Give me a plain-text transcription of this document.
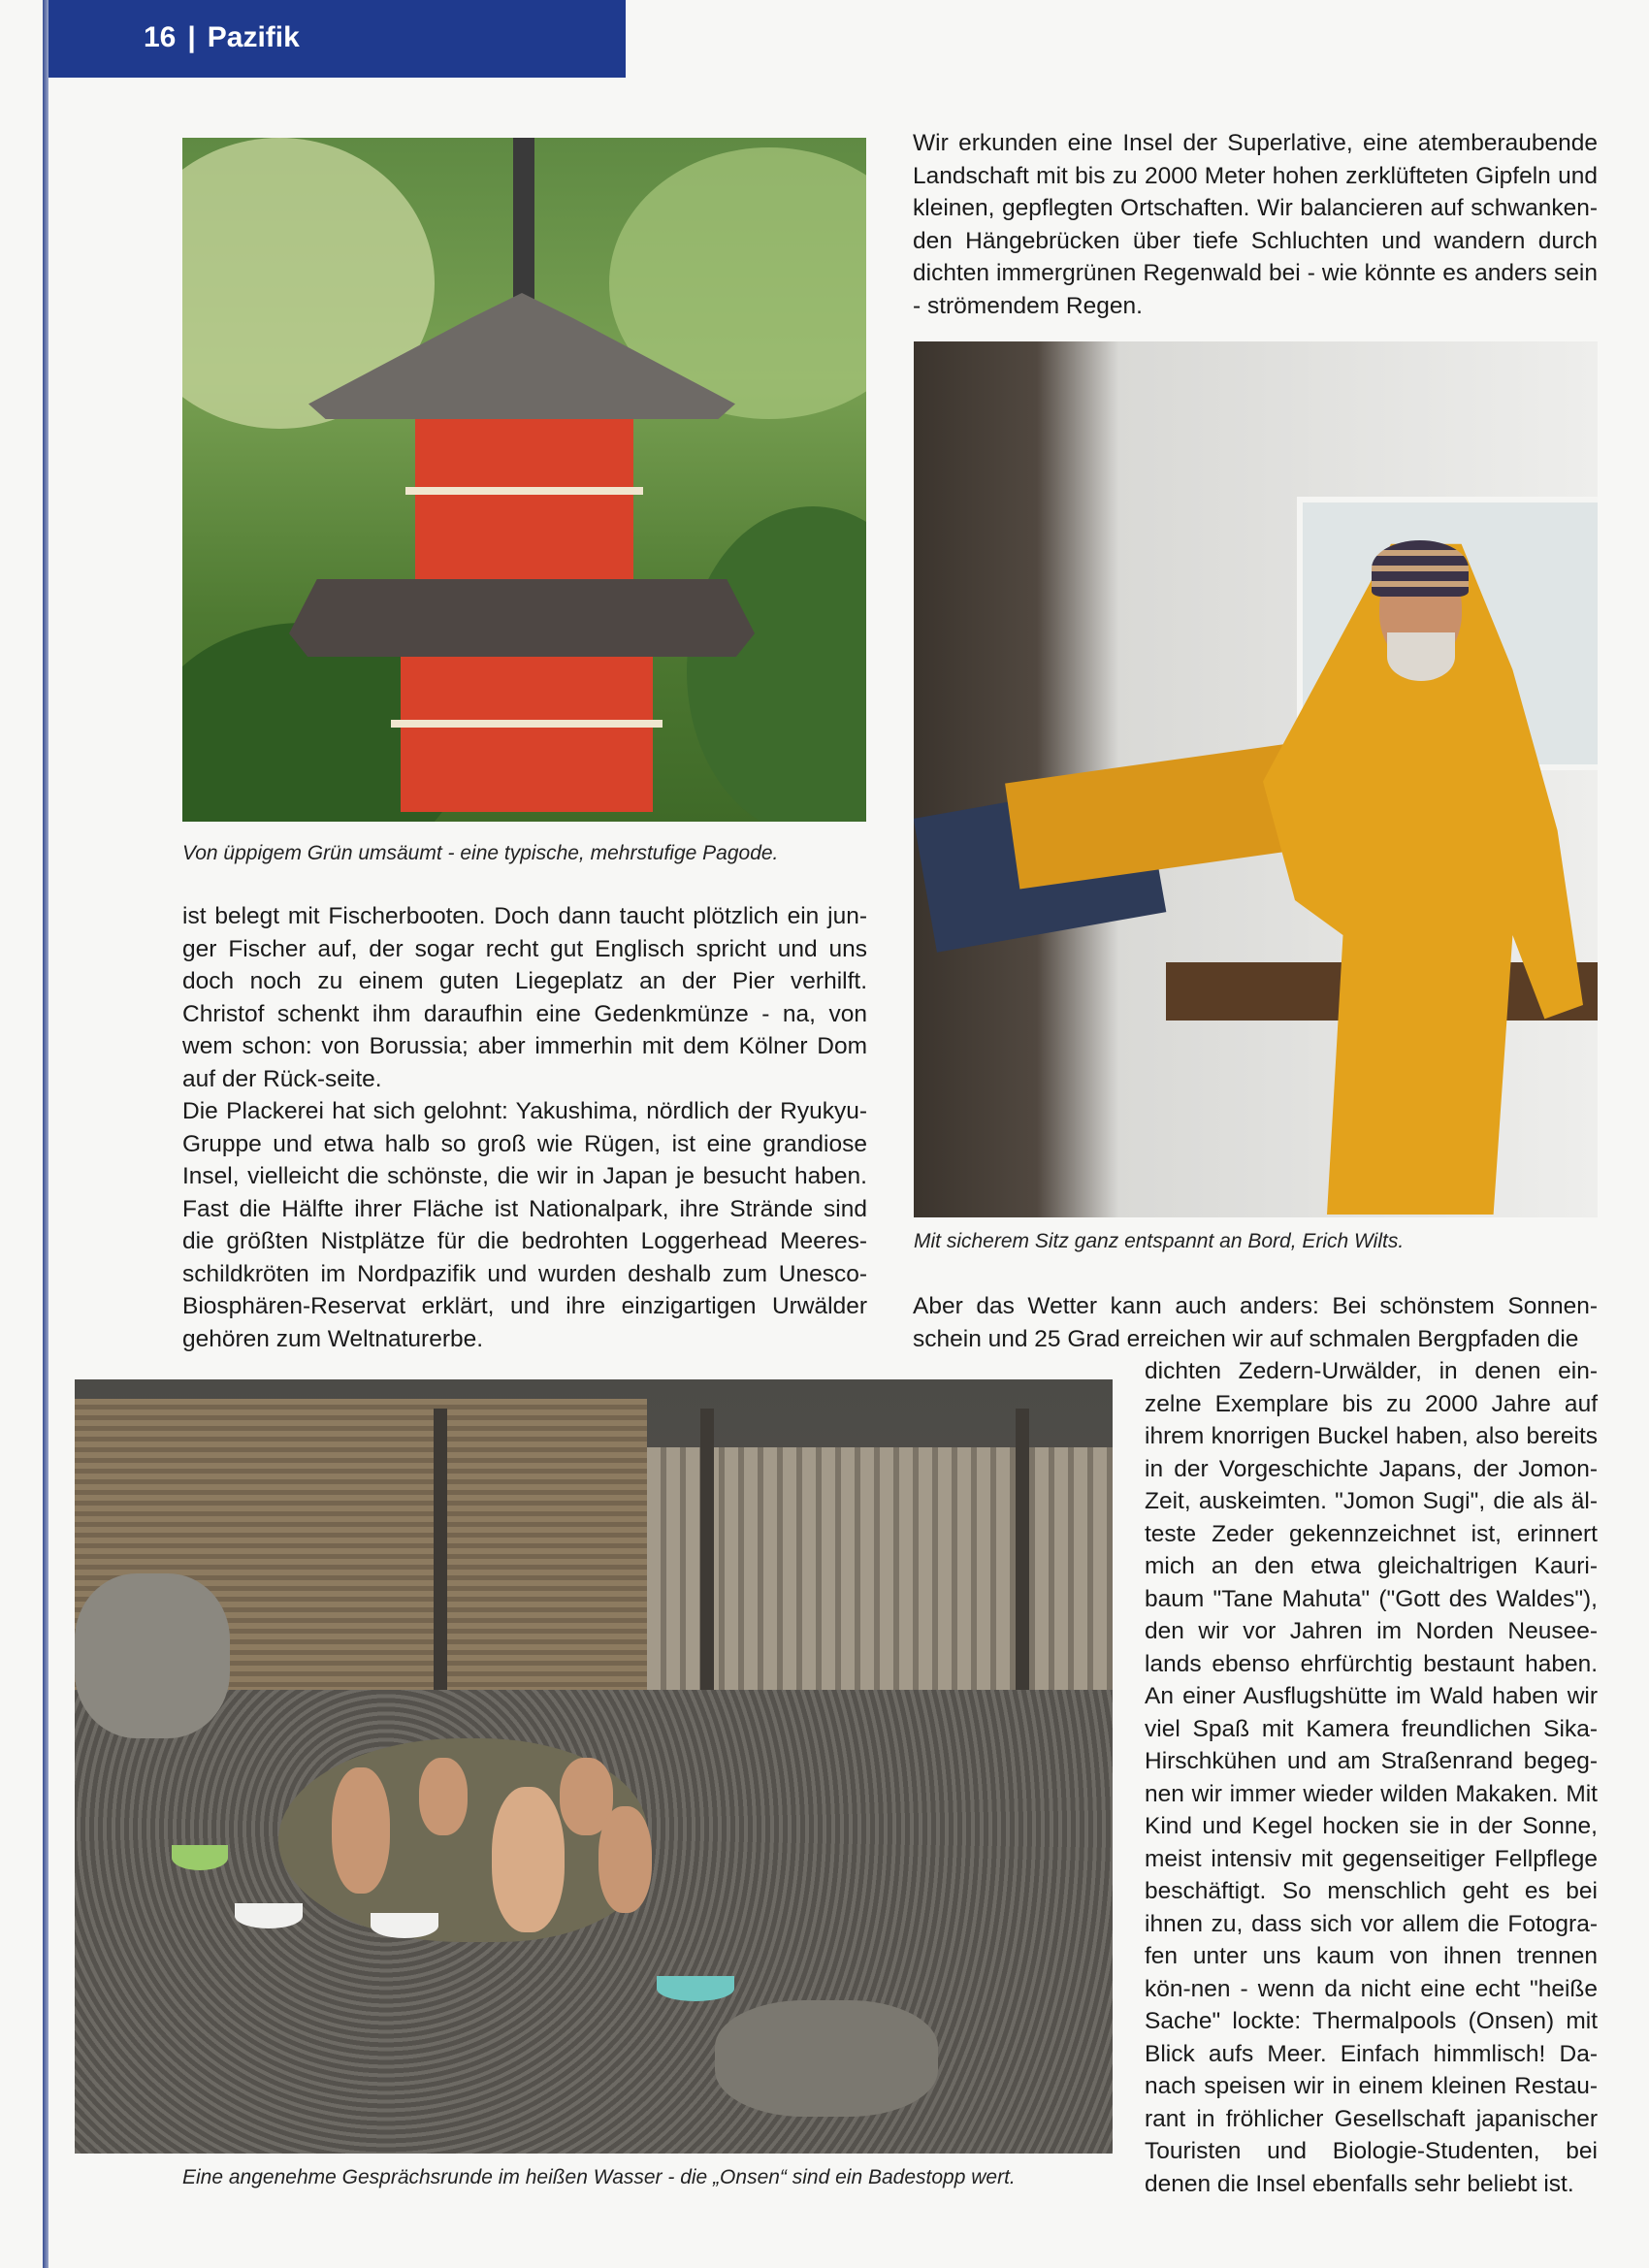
16 | Pazifik
Von üppigem Grün umsäumt - eine typische, mehrstufige Pagode.

Wir erkunden eine Insel der Superlative, eine atemberaubende Landschaft mit bis zu 2000 Meter hohen zerklüfteten Gipfeln und kleinen, gepflegten Ortschaften. Wir balancieren auf schwanken-den Hängebrücken über tiefe Schluchten und wandern durch dichten immergrünen Regenwald bei - wie könnte es anders sein - strömendem Regen.

Mit sicherem Sitz ganz entspannt an Bord, Erich Wilts.

ist belegt mit Fischerbooten. Doch dann taucht plötzlich ein jun-ger Fischer auf, der sogar recht gut Englisch spricht und uns doch noch zu einem guten Liegeplatz an der Pier verhilft. Christof schenkt ihm daraufhin eine Gedenkmünze - na, von wem schon: von Borussia; aber immerhin mit dem Kölner Dom auf der Rück-seite.

Die Plackerei hat sich gelohnt: Yakushima, nördlich der Ryukyu-Gruppe und etwa halb so groß wie Rügen, ist eine grandiose Insel, vielleicht die schönste, die wir in Japan je besucht haben. Fast die Hälfte ihrer Fläche ist Nationalpark, ihre Strände sind die größten Nistplätze für die bedrohten Loggerhead Meeres-schildkröten im Nordpazifik und wurden deshalb zum Unesco-Biosphären-Reservat erklärt, und ihre einzigartigen Urwälder gehören zum Weltnaturerbe.

Aber das Wetter kann auch anders: Bei schönstem Sonnen-schein und 25 Grad erreichen wir auf schmalen Bergpfaden die

dichten Zedern-Urwälder, in denen ein-zelne Exemplare bis zu 2000 Jahre auf ihrem knorrigen Buckel haben, also bereits in der Vorgeschichte Japans, der Jomon-Zeit, auskeimten. "Jomon Sugi", die als äl-teste Zeder gekennzeichnet ist, erinnert mich an den etwa gleichaltrigen Kauri-baum "Tane Mahuta" ("Gott des Waldes"), den wir vor Jahren im Norden Neusee-lands ebenso ehrfürchtig bestaunt haben. An einer Ausflugshütte im Wald haben wir viel Spaß mit Kamera freundlichen Sika-Hirschkühen und am Straßenrand begeg-nen wir immer wieder wilden Makaken. Mit Kind und Kegel hocken sie in der Sonne, meist intensiv mit gegenseitiger Fellpflege beschäftigt. So menschlich geht es bei ihnen zu, dass sich vor allem die Fotogra-fen unter uns kaum von ihnen trennen kön-nen - wenn da nicht eine echt "heiße Sache" lockte: Thermalpools (Onsen) mit Blick aufs Meer. Einfach himmlisch! Da-nach speisen wir in einem kleinen Restau-rant in fröhlicher Gesellschaft japanischer Touristen und Biologie-Studenten, bei denen die Insel ebenfalls sehr beliebt ist.

Eine angenehme Gesprächsrunde im heißen Wasser - die „Onsen“ sind ein Badestopp wert.
